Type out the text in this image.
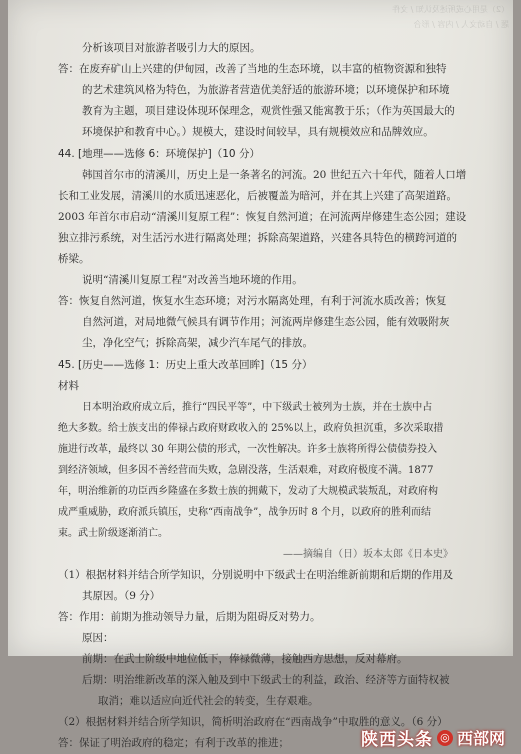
（2）是用心或所述及认知 / 文件题 / 自动文人 / 内容 / 形合
分析该项目对旅游者吸引力大的原因。
答：在废弃矿山上兴建的伊甸园，改善了当地的生态环境，以丰富的植物资源和独特
的艺术建筑风格为特色，为旅游者营造优美舒适的旅游环境；以环境保护和环境
教育为主题，项目建设体现环保理念，观赏性强又能寓教于乐；（作为英国最大的
环境保护和教育中心。）规模大，建设时间较早，具有规模效应和品牌效应。
44. [地理——选修 6：环境保护]（10 分）
韩国首尔市的清溪川，历史上是一条著名的河流。20 世纪五六十年代，随着人口增
长和工业发展，清溪川的水质迅速恶化，后被覆盖为暗河，并在其上兴建了高架道路。
2003 年首尔市启动“清溪川复原工程”：恢复自然河道；在河流两岸修建生态公园；建设
独立排污系统，对生活污水进行隔离处理；拆除高架道路，兴建各具特色的横跨河道的
桥梁。
说明“清溪川复原工程”对改善当地环境的作用。
答：恢复自然河道，恢复水生态环境；对污水隔离处理，有利于河流水质改善；恢复
自然河道，对局地微气候具有调节作用；河流两岸修建生态公园，能有效吸附灰
尘，净化空气；拆除高架，减少汽车尾气的排放。
45. [历史——选修 1：历史上重大改革回眸]（15 分）
材料
日本明治政府成立后，推行“四民平等”，中下级武士被列为士族，并在士族中占
绝大多数。给士族支出的俸禄占政府财政收入的 25%以上，政府负担沉重，多次采取措
施进行改革，最终以 30 年期公债的形式，一次性解决。许多士族将所得公债债券投入
到经济领域，但多因不善经营而失败，急剧没落，生活艰难，对政府极度不满。1877
年，明治维新的功臣西乡隆盛在多数士族的拥戴下，发动了大规模武装叛乱，对政府构
成严重威胁，政府派兵镇压，史称“西南战争”，战争历时 8 个月，以政府的胜利而结
束。武士阶级逐渐消亡。
——摘编自（日）坂本太郎《日本史》
（1）根据材料并结合所学知识，分别说明中下级武士在明治维新前期和后期的作用及
其原因。（9 分）
答：作用：前期为推动领导力量，后期为阻碍反对势力。
原因：
前期：在武士阶级中地位低下，俸禄微薄，接触西方思想，反对幕府。
后期：明治维新改革的深入触及到中下级武士的利益，政治、经济等方面特权被
取消；难以适应向近代社会的转变，生存艰难。
（2）根据材料并结合所学知识，简析明治政府在“西南战争”中取胜的意义。（6 分）
答：保证了明治政府的稳定；有利于改革的推进；	陕西头条 ◎ 西部网
